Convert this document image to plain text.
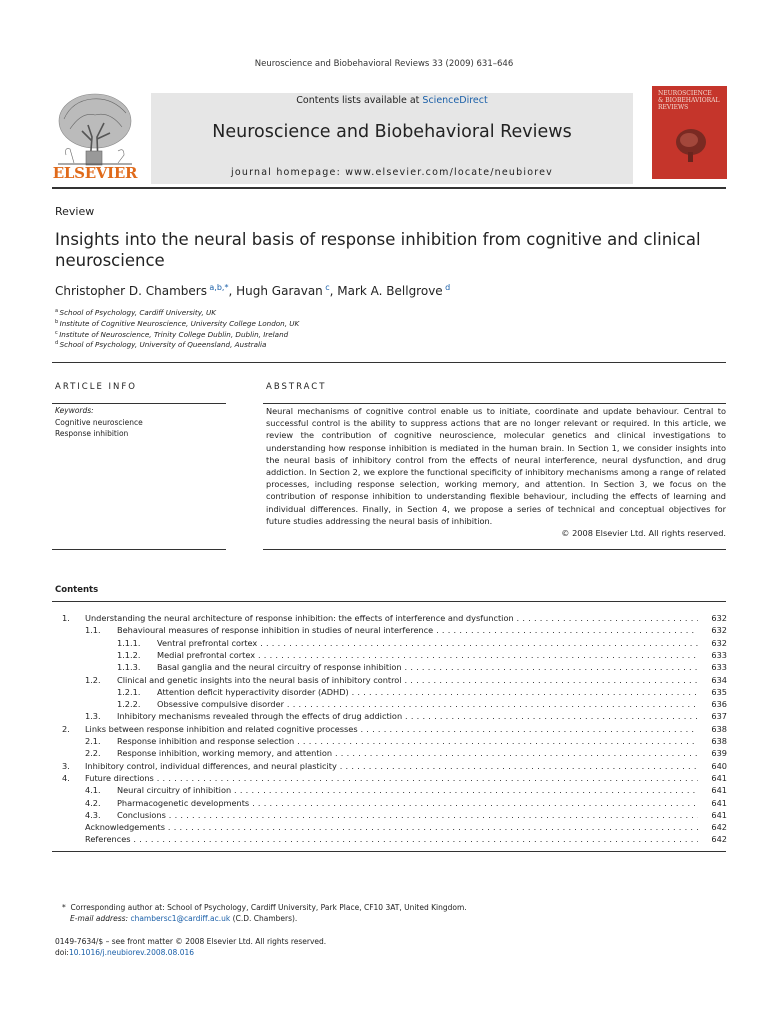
Neuroscience and Biobehavioral Reviews 33 (2009) 631–646
ELSEVIER
Contents lists available at ScienceDirect
Neuroscience and Biobehavioral Reviews
journal homepage: www.elsevier.com/locate/neubiorev
NEUROSCIENCE
& BIOBEHAVIORAL
REVIEWS
Review
Insights into the neural basis of response inhibition from cognitive and clinical neuroscience
Christopher D. Chambers  $^{a,b,*}$, Hugh Garavan  $^c$, Mark A. Bellgrove  $^d$
$^a$ School of Psychology, Cardiff University, UK
$^b$ Institute of Cognitive Neuroscience, University College London, UK
$^c$ Institute of Neuroscience, Trinity College Dublin, Dublin, Ireland
$^d$ School of Psychology, University of Queensland, Australia
ARTICLE INFO
Keywords:
Cognitive neuroscience
Response inhibition
ABSTRACT
Neural mechanisms of cognitive control enable us to initiate, coordinate and update behaviour. Central to successful control is the ability to suppress actions that are no longer relevant or required. In this article, we review the contribution of cognitive neuroscience, molecular genetics and clinical investigations to understanding how response inhibition is mediated in the human brain. In Section 1, we consider insights into the neural basis of inhibitory control from the effects of neural interference, neural dysfunction, and drug addiction. In Section 2, we explore the functional specificity of inhibitory mechanisms among a range of related processes, including response selection, working memory, and attention. In Section 3, we focus on the contribution of response inhibition to understanding flexible behaviour, including the effects of learning and individual differences. Finally, in Section 4, we propose a series of technical and conceptual objectives for future studies addressing the neural basis of inhibition.
© 2008 Elsevier Ltd. All rights reserved.
Contents
1. Understanding the neural architecture of response inhibition: the effects of interference and dysfunction . . .	632
1.1. Behavioural measures of response inhibition in studies of neural interference . . .	632
1.1.1. Ventral prefrontal cortex . . .	632
1.1.2. Medial prefrontal cortex . . .	633
1.1.3. Basal ganglia and the neural circuitry of response inhibition . . .	633
1.2. Clinical and genetic insights into the neural basis of inhibitory control . . .	634
1.2.1. Attention deficit hyperactivity disorder (ADHD) . . .	635
1.2.2. Obsessive compulsive disorder . . .	636
1.3. Inhibitory mechanisms revealed through the effects of drug addiction . . .	637
2. Links between response inhibition and related cognitive processes . . .	638
2.1. Response inhibition and response selection . . .	638
2.2. Response inhibition, working memory, and attention . . .	639
3. Inhibitory control, individual differences, and neural plasticity . . .	640
4. Future directions . . .	641
4.1. Neural circuitry of inhibition . . .	641
4.2. Pharmacogenetic developments . . .	641
4.3. Conclusions . . .	641
Acknowledgements . . .	642
References . . .	642
* Corresponding author at: School of Psychology, Cardiff University, Park Place, CF10 3AT, United Kingdom.
E-mail address: chambersc1@cardiff.ac.uk (C.D. Chambers).
0149-7634/$ – see front matter © 2008 Elsevier Ltd. All rights reserved.
doi:10.1016/j.neubiorev.2008.08.016
